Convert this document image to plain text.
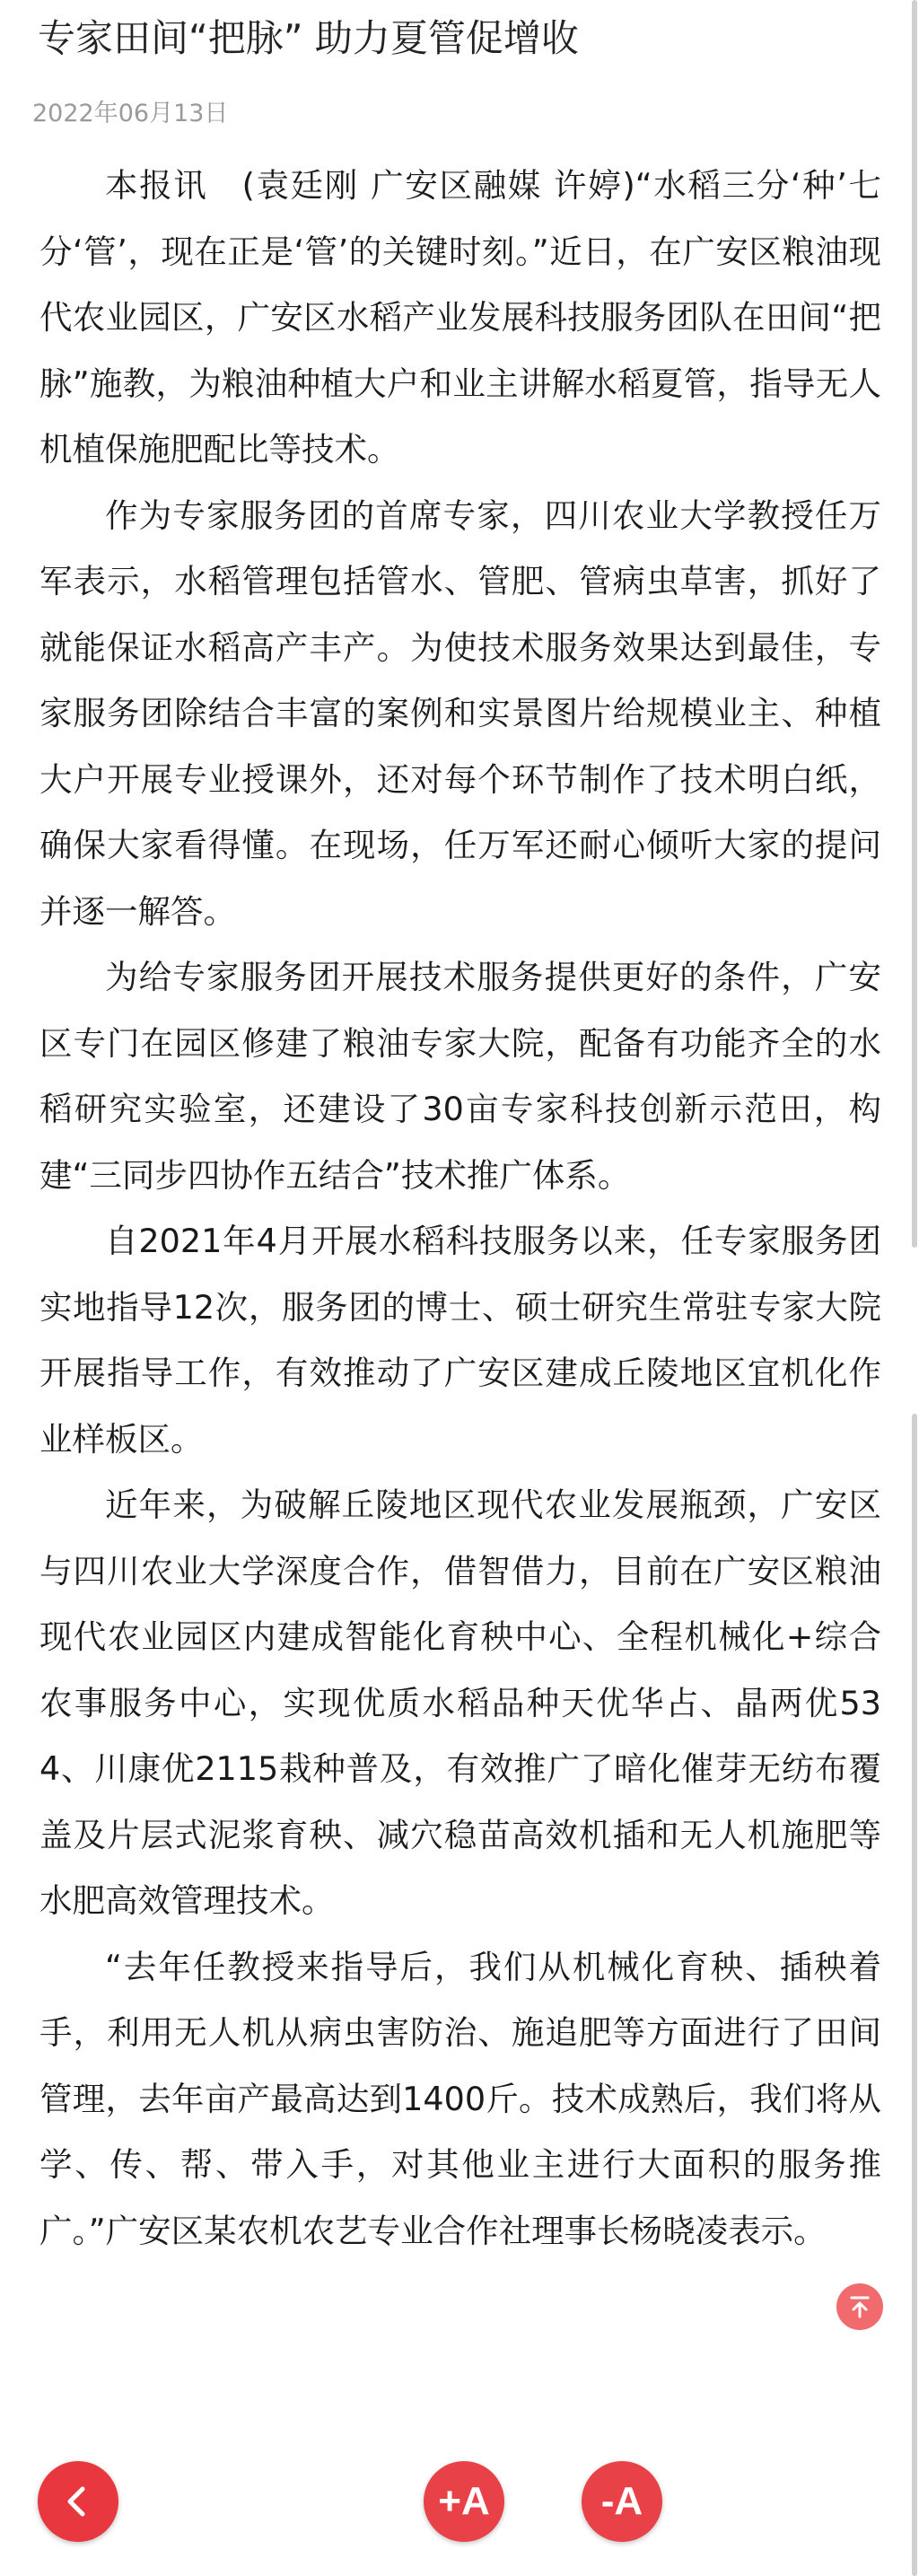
专家田间“把脉” 助力夏管促增收
2022年06月13日

本报讯　(袁廷刚 广安区融媒 许婷)“水稻三分‘种’七分‘管’，现在正是‘管’的关键时刻。”近日，在广安区粮油现代农业园区，广安区水稻产业发展科技服务团队在田间“把脉”施教，为粮油种植大户和业主讲解水稻夏管，指导无人机植保施肥配比等技术。

作为专家服务团的首席专家，四川农业大学教授任万军表示，水稻管理包括管水、管肥、管病虫草害，抓好了就能保证水稻高产丰产。为使技术服务效果达到最佳，专家服务团除结合丰富的案例和实景图片给规模业主、种植大户开展专业授课外，还对每个环节制作了技术明白纸，确保大家看得懂。在现场，任万军还耐心倾听大家的提问并逐一解答。

为给专家服务团开展技术服务提供更好的条件，广安区专门在园区修建了粮油专家大院，配备有功能齐全的水稻研究实验室，还建设了30亩专家科技创新示范田，构建“三同步四协作五结合”技术推广体系。

自2021年4月开展水稻科技服务以来，任专家服务团实地指导12次，服务团的博士、硕士研究生常驻专家大院开展指导工作，有效推动了广安区建成丘陵地区宜机化作业样板区。

近年来，为破解丘陵地区现代农业发展瓶颈，广安区与四川农业大学深度合作，借智借力，目前在广安区粮油现代农业园区内建成智能化育秧中心、全程机械化+综合农事服务中心，实现优质水稻品种天优华占、晶两优534、川康优2115栽种普及，有效推广了暗化催芽无纺布覆盖及片层式泥浆育秧、减穴稳苗高效机插和无人机施肥等水肥高效管理技术。

“去年任教授来指导后，我们从机械化育秧、插秧着手，利用无人机从病虫害防治、施追肥等方面进行了田间管理，去年亩产最高达到1400斤。技术成熟后，我们将从学、传、帮、带入手，对其他业主进行大面积的服务推广。”广安区某农机农艺专业合作社理事长杨晓凌表示。

+A	-A
